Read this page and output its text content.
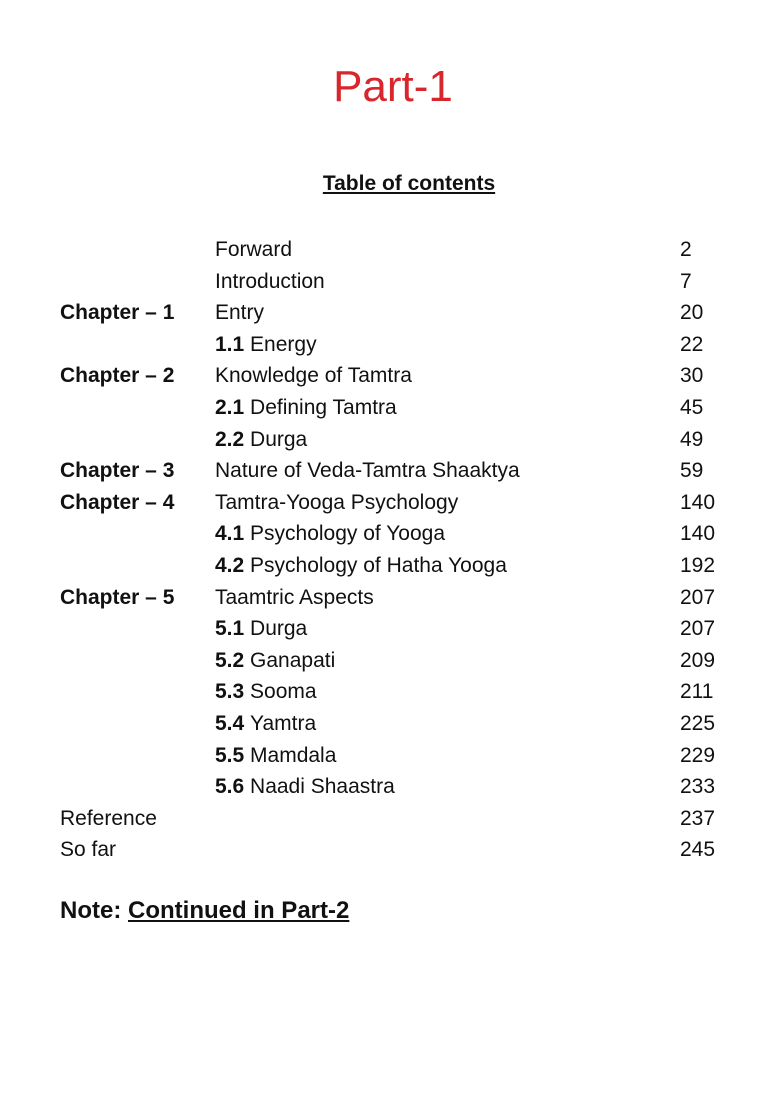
Part-1
Table of contents
Forward	2
Introduction	7
Chapter – 1 Entry	20
1.1 Energy	22
Chapter – 2 Knowledge of Tamtra	30
2.1 Defining Tamtra	45
2.2 Durga	49
Chapter – 3 Nature of Veda-Tamtra Shaaktya	59
Chapter – 4 Tamtra-Yooga Psychology	140
4.1 Psychology of Yooga	140
4.2 Psychology of Hatha Yooga	192
Chapter – 5 Taamtric Aspects	207
5.1 Durga	207
5.2 Ganapati	209
5.3 Sooma	211
5.4 Yamtra	225
5.5 Mamdala	229
5.6 Naadi Shaastra	233
Reference	237
So far	245
Note: Continued in Part-2
